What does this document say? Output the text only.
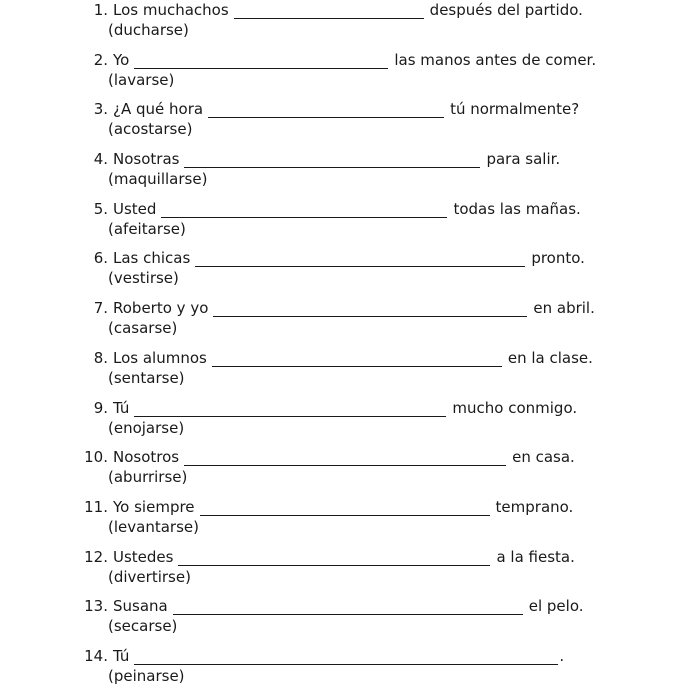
1. Los muchachos	después del partido.
(ducharse)
2. Yo	las manos antes de comer.
(lavarse)
3. ¿A qué hora	tú normalmente?
(acostarse)
4. Nosotras	para salir.
(maquillarse)
5. Usted	todas las mañas.
(afeitarse)
6. Las chicas	pronto.
(vestirse)
7. Roberto y yo	en abril.
(casarse)
8. Los alumnos	en la clase.
(sentarse)
9. Tú	mucho conmigo.
(enojarse)
10. Nosotros	en casa.
(aburrirse)
11. Yo siempre	temprano.
(levantarse)
12. Ustedes	a la fiesta.
(divertirse)
13. Susana	el pelo.
(secarse)
14. Tú	.
(peinarse)
